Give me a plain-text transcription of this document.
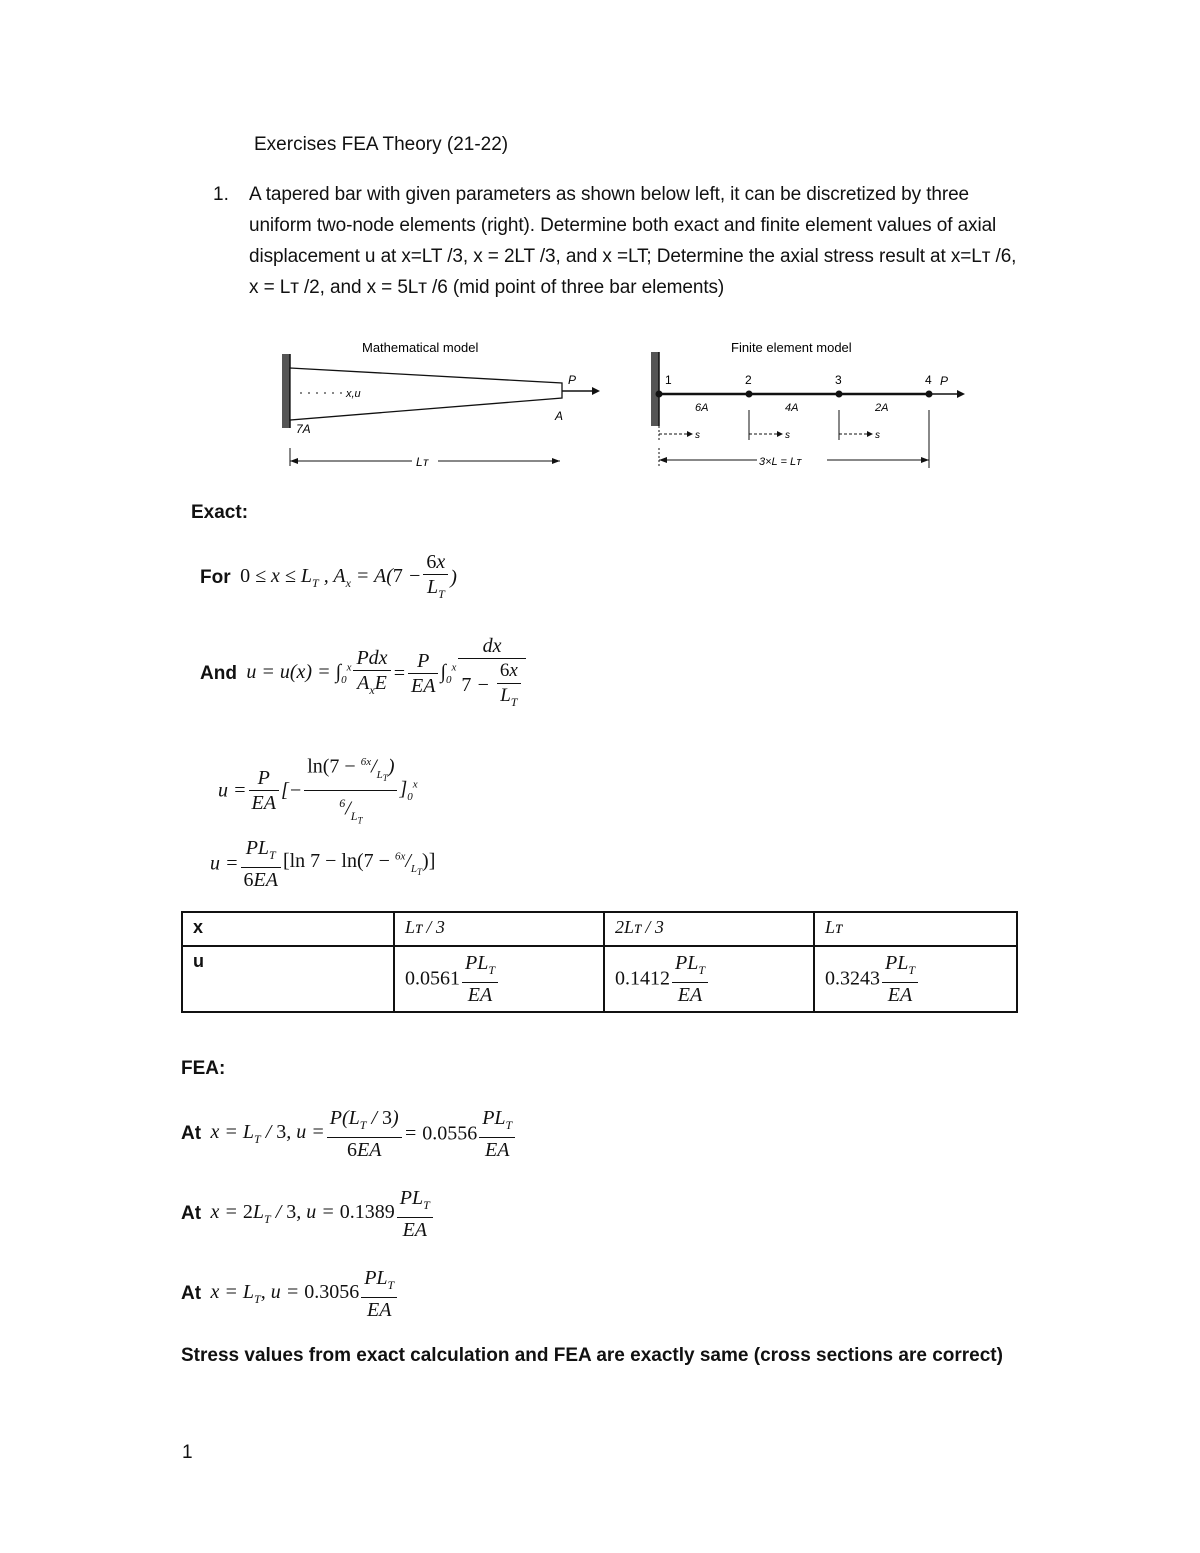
Exercises FEA Theory (21-22)
1. A tapered bar with given parameters as shown below left, it can be discretized by three uniform two-node elements (right). Determine both exact and finite element values of axial displacement u at x=LT /3, x = 2LT /3, and x =LT; Determine the axial stress result at x=Lᴛ /6, x = Lᴛ /2, and x = 5Lᴛ /6 (mid point of three bar elements)
Mathematical model
x,u
P
7A
A
Lᴛ
Finite element model
1	2	3	4 P
6A	4A	2A
s	s	s
3×L = Lᴛ
Exact:
For $0 \le x \le L_T$ , $A_x = A(7 - \frac{6x}{L_T}$ )
And  $u = u(x) = \int_0^x \frac{\text{Pdx}}{A_xE} = \frac{P}{EA} \int_0^x \frac{dx}{7 - \frac{6x}{L_T}}$
$u = \frac{P}{EA}$ [− $\frac{\ln(7 - ^{6x}/_{L_T})}{^6/_{L_T}} ]_0^x$
$u = \frac{PL_T}{6EA} [\ln$ $7 - \ln(7 - ^{6x}/_{L_T})$]
x	Lᴛ / 3	2Lᴛ / 3	Lᴛ
u	$0.0561 \frac{PL_T}{EA}$	$0.1412 \frac{PL_T}{EA}$	$0.3243 \frac{PL_T}{EA}$
FEA:
At  $x = L_T / 3$, $u = \frac{P(L_T / 3)}{6EA} = 0.0556 \frac{PL_T}{EA}$
At  $x = 2L_T / 3$, $u = 0.1389 \frac{PL_T}{EA}$
At  $x = L_T$, $u = 0.3056 \frac{PL_T}{EA}$
Stress values from exact calculation and FEA are exactly same (cross sections are correct)
1
